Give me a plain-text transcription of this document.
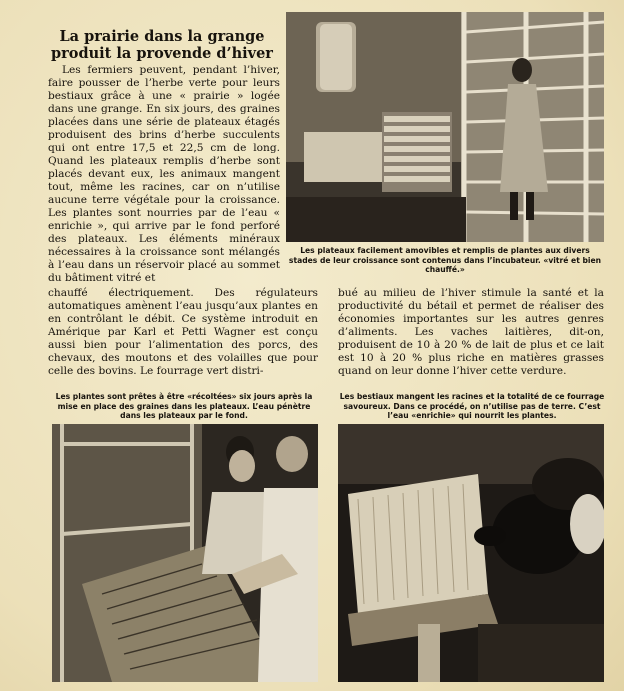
La prairie dans la grange
produit la provende d’hiver

Les fermiers peuvent, pendant l’hiver, faire pousser de l’herbe verte pour leurs bestiaux grâce à une « prairie » logée dans une grange. En six jours, des graines placées dans une série de plateaux étagés produisent des brins d’herbe succulents qui ont entre 17,5 et 22,5 cm de long. Quand les plateaux remplis d’herbe sont placés devant eux, les animaux mangent tout, même les racines, car on n’utilise aucune terre végétale pour la croissance. Les plantes sont nourries par de l’eau « enrichie », qui arrive par le fond perforé des plateaux. Les éléments minéraux nécessaires à la croissance sont mélangés à l’eau dans un réservoir placé au sommet du bâtiment vitré et

Les plateaux facilement amovibles et remplis de plantes aux divers stades de leur croissance sont contenus dans l’incubateur. «vitré et bien chauffé.»

chauffé électriquement. Des régulateurs automatiques amènent l’eau jusqu’aux plantes en en contrôlant le débit. Ce système introduit en Amérique par Karl et Petti Wagner est conçu aussi bien pour l’alimentation des porcs, des chevaux, des moutons et des volailles que pour celle des bovins. Le fourrage vert distri-

bué au milieu de l’hiver stimule la santé et la productivité du bétail et permet de réaliser des économies importantes sur les autres genres d’aliments. Les vaches laitières, dit-on, produisent de 10 à 20 % de lait de plus et ce lait est 10 à 20 % plus riche en matières grasses quand on leur donne l’hiver cette verdure.

Les plantes sont prêtes à être «récoltées» six jours après la mise en place des graines dans les plateaux. L’eau pénètre dans les plateaux par le fond.
Les bestiaux mangent les racines et la totalité de ce fourrage savoureux. Dans ce procédé, on n’utilise pas de terre. C’est l’eau «enrichie» qui nourrit les plantes.
